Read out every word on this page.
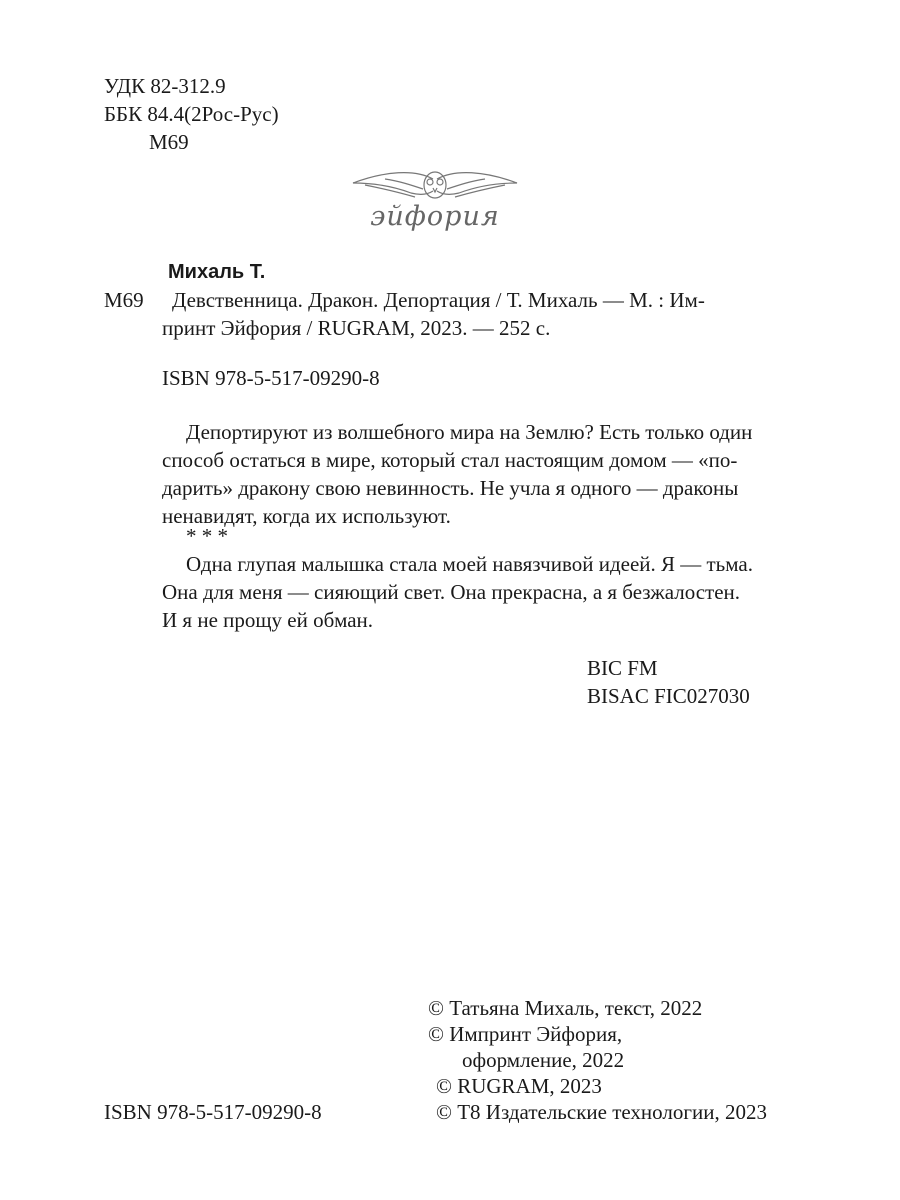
УДК 82-312.9
ББК 84.4(2Рос-Рус)
М69
эйфория
Михаль Т.
М69 Девственница. Дракон. Депортация / Т. Михаль — М. : Им-
принт Эйфория / RUGRAM, 2023. — 252 с.
ISBN 978-5-517-09290-8
Депортируют из волшебного мира на Землю? Есть только один
способ остаться в мире, который стал настоящим домом — «по-
дарить» дракону свою невинность. Не учла я одного — драконы
ненавидят, когда их используют.
* * *
Одна глупая малышка стала моей навязчивой идеей. Я — тьма.
Она для меня — сияющий свет. Она прекрасна, а я безжалостен.
И я не прощу ей обман.
BIC FM
BISAC FIC027030
© Татьяна Михаль, текст, 2022
© Импринт Эйфория,
оформление, 2022
© RUGRAM, 2023
ISBN 978-5-517-09290-8	© Т8 Издательские технологии, 2023
